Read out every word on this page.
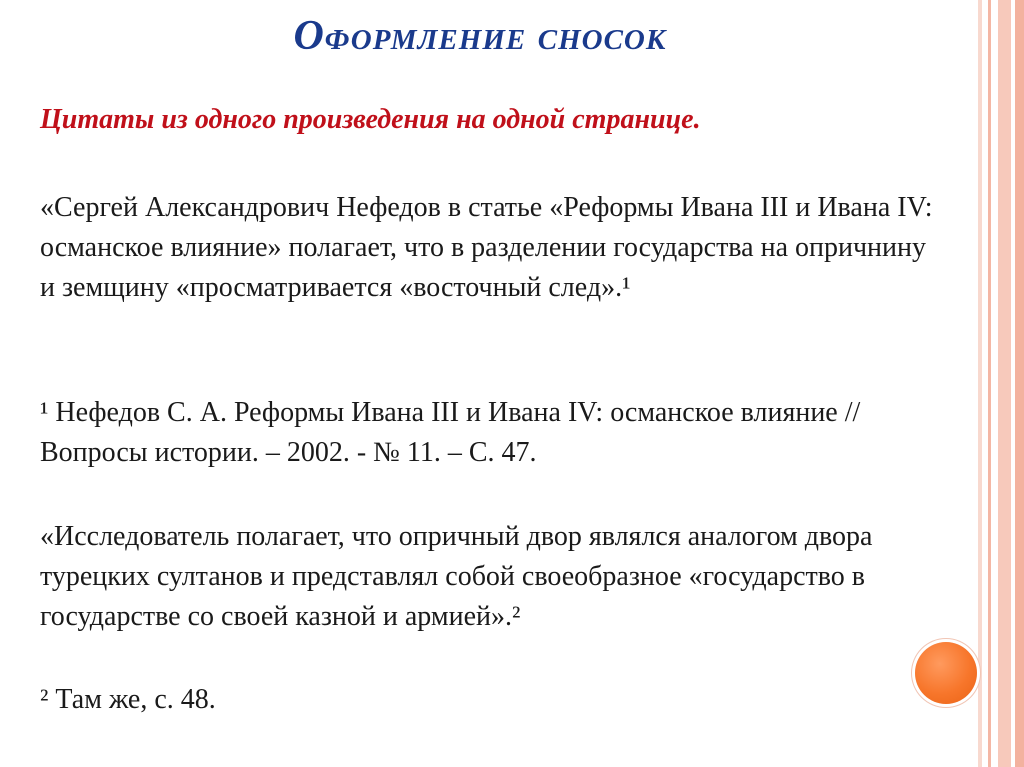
Оформление сносок

Цитаты из одного произведения на одной странице.

«Сергей Александрович Нефедов в статье «Реформы Ивана III и Ивана IV: османское влияние» полагает, что в разделении государства на опричнину и земщину «просматривается «восточный след».¹

¹ Нефедов С. А. Реформы Ивана III и Ивана IV: османское влияние // Вопросы истории. – 2002. - № 11. – С. 47.

«Исследователь полагает, что опричный двор являлся аналогом двора турецких султанов и представлял собой своеобразное «государство в государстве со своей казной и армией».²

² Там же, с. 48.
